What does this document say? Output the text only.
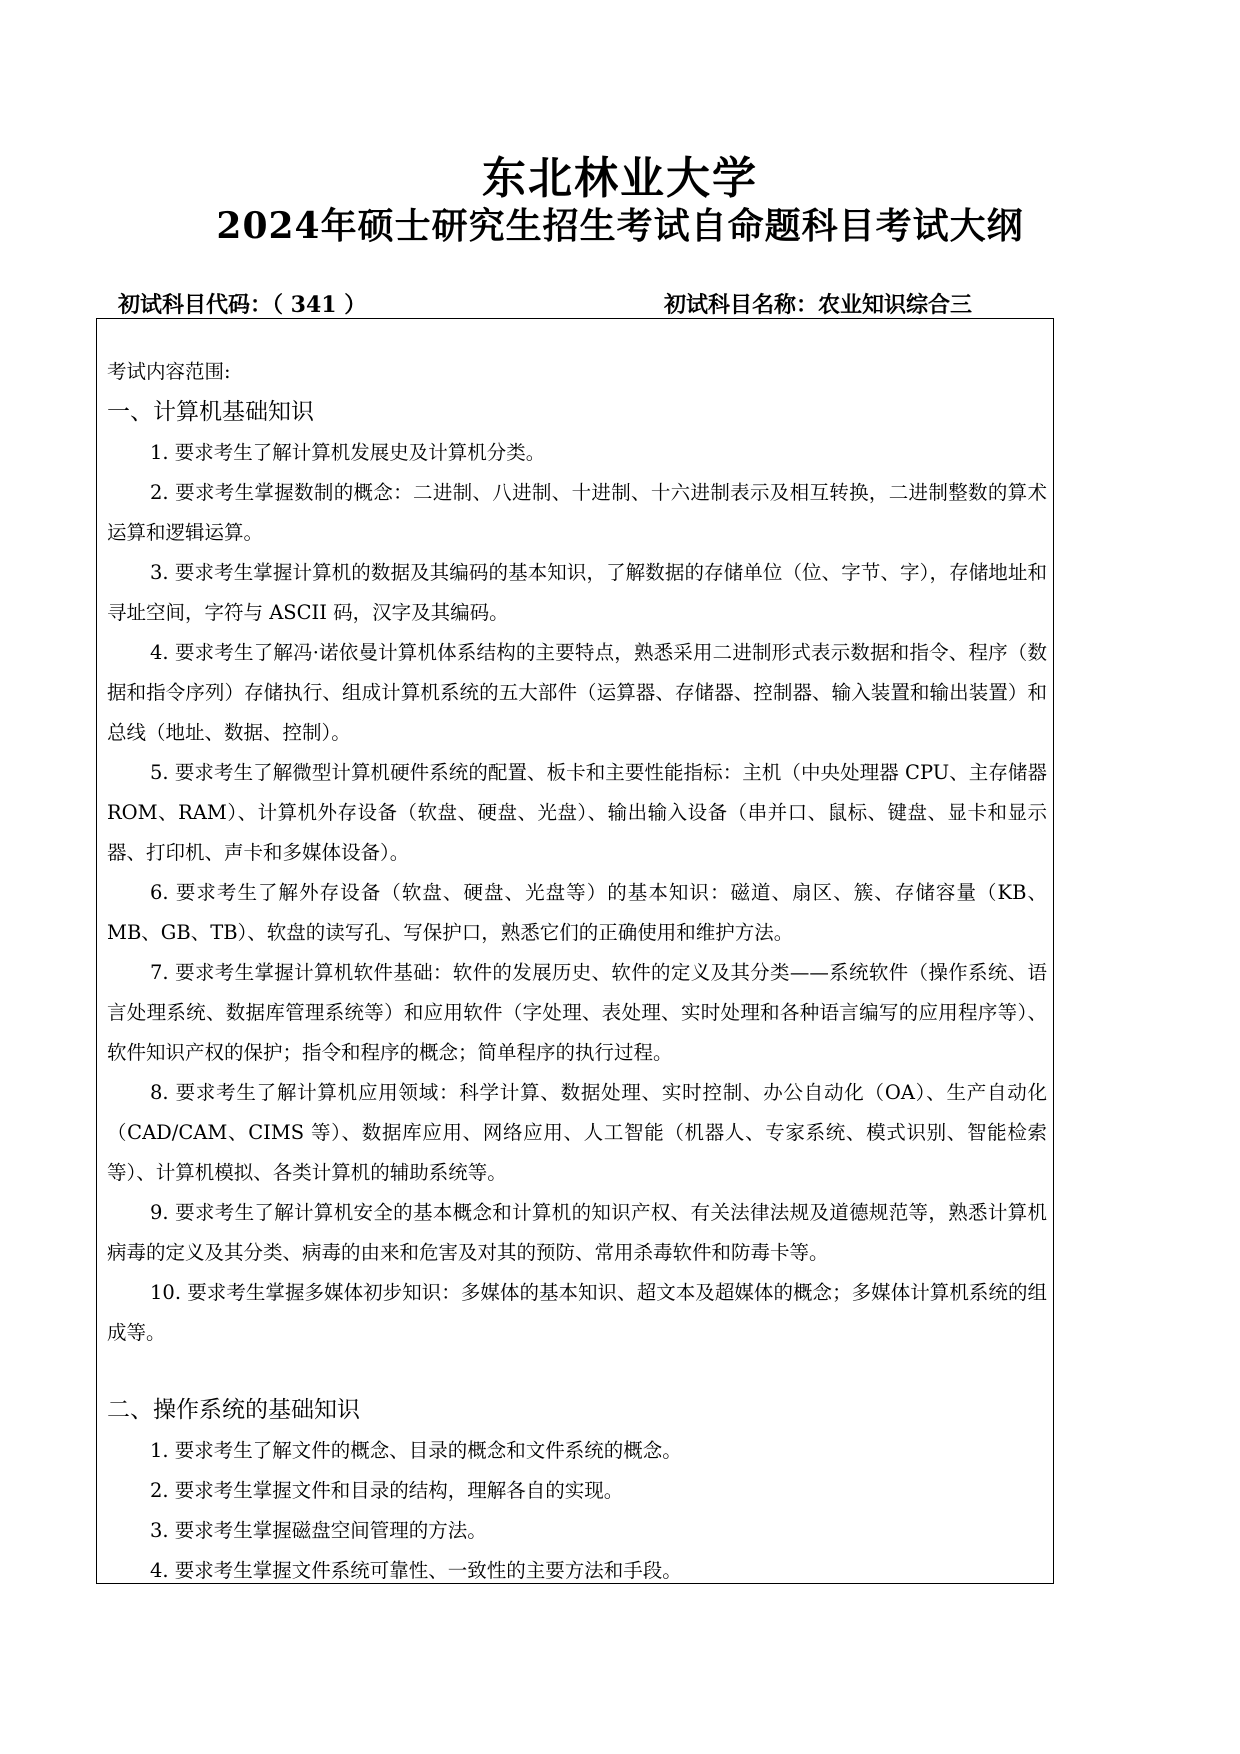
东北林业大学
2024年硕士研究生招生考试自命题科目考试大纲
初试科目代码：（ 341 ）	初试科目名称：农业知识综合三
考试内容范围:
一、计算机基础知识
1. 要求考生了解计算机发展史及计算机分类。
2. 要求考生掌握数制的概念：二进制、八进制、十进制、十六进制表示及相互转换，二进制整数的算术运算和逻辑运算。
3. 要求考生掌握计算机的数据及其编码的基本知识，了解数据的存储单位（位、字节、字），存储地址和寻址空间，字符与 ASCII 码，汉字及其编码。
4. 要求考生了解冯·诺依曼计算机体系结构的主要特点，熟悉采用二进制形式表示数据和指令、程序（数据和指令序列）存储执行、组成计算机系统的五大部件（运算器、存储器、控制器、输入装置和输出装置）和总线（地址、数据、控制）。
5. 要求考生了解微型计算机硬件系统的配置、板卡和主要性能指标：主机（中央处理器 CPU、主存储器 ROM、RAM）、计算机外存设备（软盘、硬盘、光盘）、输出输入设备（串并口、鼠标、键盘、显卡和显示器、打印机、声卡和多媒体设备）。
6. 要求考生了解外存设备（软盘、硬盘、光盘等）的基本知识：磁道、扇区、簇、存储容量（KB、MB、GB、TB）、软盘的读写孔、写保护口，熟悉它们的正确使用和维护方法。
7. 要求考生掌握计算机软件基础：软件的发展历史、软件的定义及其分类——系统软件（操作系统、语言处理系统、数据库管理系统等）和应用软件（字处理、表处理、实时处理和各种语言编写的应用程序等）、软件知识产权的保护；指令和程序的概念；简单程序的执行过程。
8. 要求考生了解计算机应用领域：科学计算、数据处理、实时控制、办公自动化（OA）、生产自动化（CAD/CAM、CIMS 等）、数据库应用、网络应用、人工智能（机器人、专家系统、模式识别、智能检索等）、计算机模拟、各类计算机的辅助系统等。
9. 要求考生了解计算机安全的基本概念和计算机的知识产权、有关法律法规及道德规范等，熟悉计算机病毒的定义及其分类、病毒的由来和危害及对其的预防、常用杀毒软件和防毒卡等。
10. 要求考生掌握多媒体初步知识：多媒体的基本知识、超文本及超媒体的概念；多媒体计算机系统的组成等。
二、操作系统的基础知识
1. 要求考生了解文件的概念、目录的概念和文件系统的概念。
2. 要求考生掌握文件和目录的结构，理解各自的实现。
3. 要求考生掌握磁盘空间管理的方法。
4. 要求考生掌握文件系统可靠性、一致性的主要方法和手段。
